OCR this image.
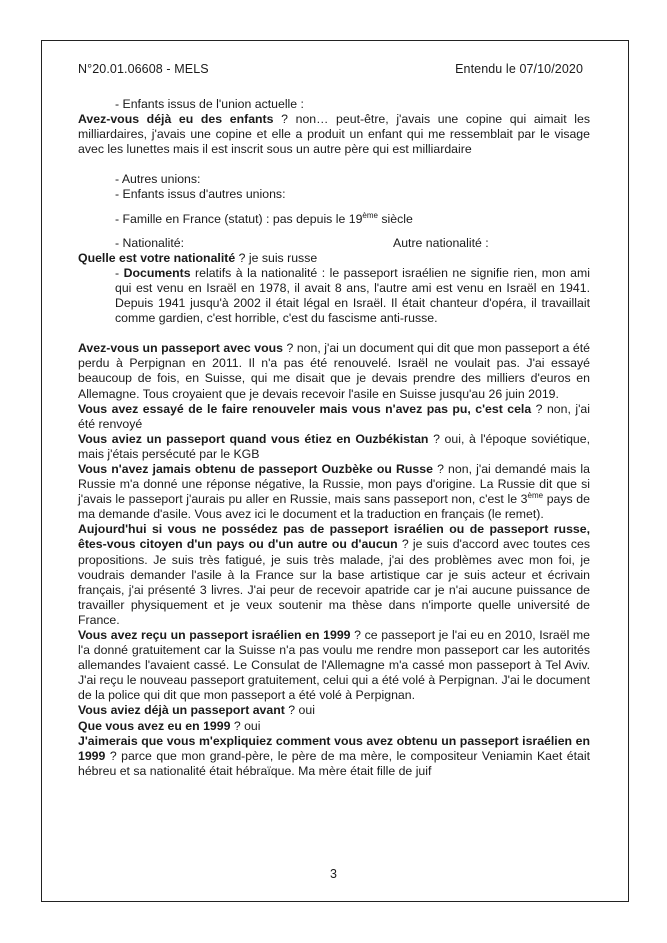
N°20.01.06608 - MELS	Entendu le 07/10/2020

- Enfants issus de l'union actuelle :

Avez-vous déjà eu des enfants ? non… peut-être, j'avais une copine qui aimait les milliardaires, j'avais une copine et elle a produit un enfant qui me ressemblait par le visage avec les lunettes mais il est inscrit sous un autre père qui est milliardaire

- Autres unions:

- Enfants issus d'autres unions:

- Famille en France (statut) : pas depuis le 19ème siècle

- Nationalité:	Autre nationalité :

Quelle est votre nationalité ? je suis russe

- Documents relatifs à la nationalité : le passeport israélien ne signifie rien, mon ami qui est venu en Israël en 1978, il avait 8 ans, l'autre ami est venu en Israël en 1941. Depuis 1941 jusqu'à 2002 il était légal en Israël. Il était chanteur d'opéra, il travaillait comme gardien, c'est horrible, c'est du fascisme anti-russe.

Avez-vous un passeport avec vous ? non, j'ai un document qui dit que mon passeport a été perdu à Perpignan en 2011. Il n'a pas été renouvelé. Israël ne voulait pas. J'ai essayé beaucoup de fois, en Suisse, qui me disait que je devais prendre des milliers d'euros en Allemagne. Tous croyaient que je devais recevoir l'asile en Suisse jusqu'au 26 juin 2019.

Vous avez essayé de le faire renouveler mais vous n'avez pas pu, c'est cela ? non, j'ai été renvoyé

Vous aviez un passeport quand vous étiez en Ouzbékistan ? oui, à l'époque soviétique, mais j'étais persécuté par le KGB

Vous n'avez jamais obtenu de passeport Ouzbèke ou Russe ? non, j'ai demandé mais la Russie m'a donné une réponse négative, la Russie, mon pays d'origine. La Russie dit que si j'avais le passeport j'aurais pu aller en Russie, mais sans passeport non, c'est le 3ème pays de ma demande d'asile. Vous avez ici le document et la traduction en français (le remet).

Aujourd'hui si vous ne possédez pas de passeport israélien ou de passeport russe, êtes-vous citoyen d'un pays ou d'un autre ou d'aucun ? je suis d'accord avec toutes ces propositions. Je suis très fatigué, je suis très malade, j'ai des problèmes avec mon foi, je voudrais demander l'asile à la France sur la base artistique car je suis acteur et écrivain français, j'ai présenté 3 livres. J'ai peur de recevoir apatride car je n'ai aucune puissance de travailler physiquement et je veux soutenir ma thèse dans n'importe quelle université de France.

Vous avez reçu un passeport israélien en 1999 ? ce passeport je l'ai eu en 2010, Israël me l'a donné gratuitement car la Suisse n'a pas voulu me rendre mon passeport car les autorités allemandes l'avaient cassé. Le Consulat de l'Allemagne m'a cassé mon passeport à Tel Aviv. J'ai reçu le nouveau passeport gratuitement, celui qui a été volé à Perpignan. J'ai le document de la police qui dit que mon passeport a été volé à Perpignan.

Vous aviez déjà un passeport avant ? oui

Que vous avez eu en 1999 ? oui

J'aimerais que vous m'expliquiez comment vous avez obtenu un passeport israélien en 1999 ? parce que mon grand-père, le père de ma mère, le compositeur Veniamin Kaet était hébreu et sa nationalité était hébraïque. Ma mère était fille de juif

3
